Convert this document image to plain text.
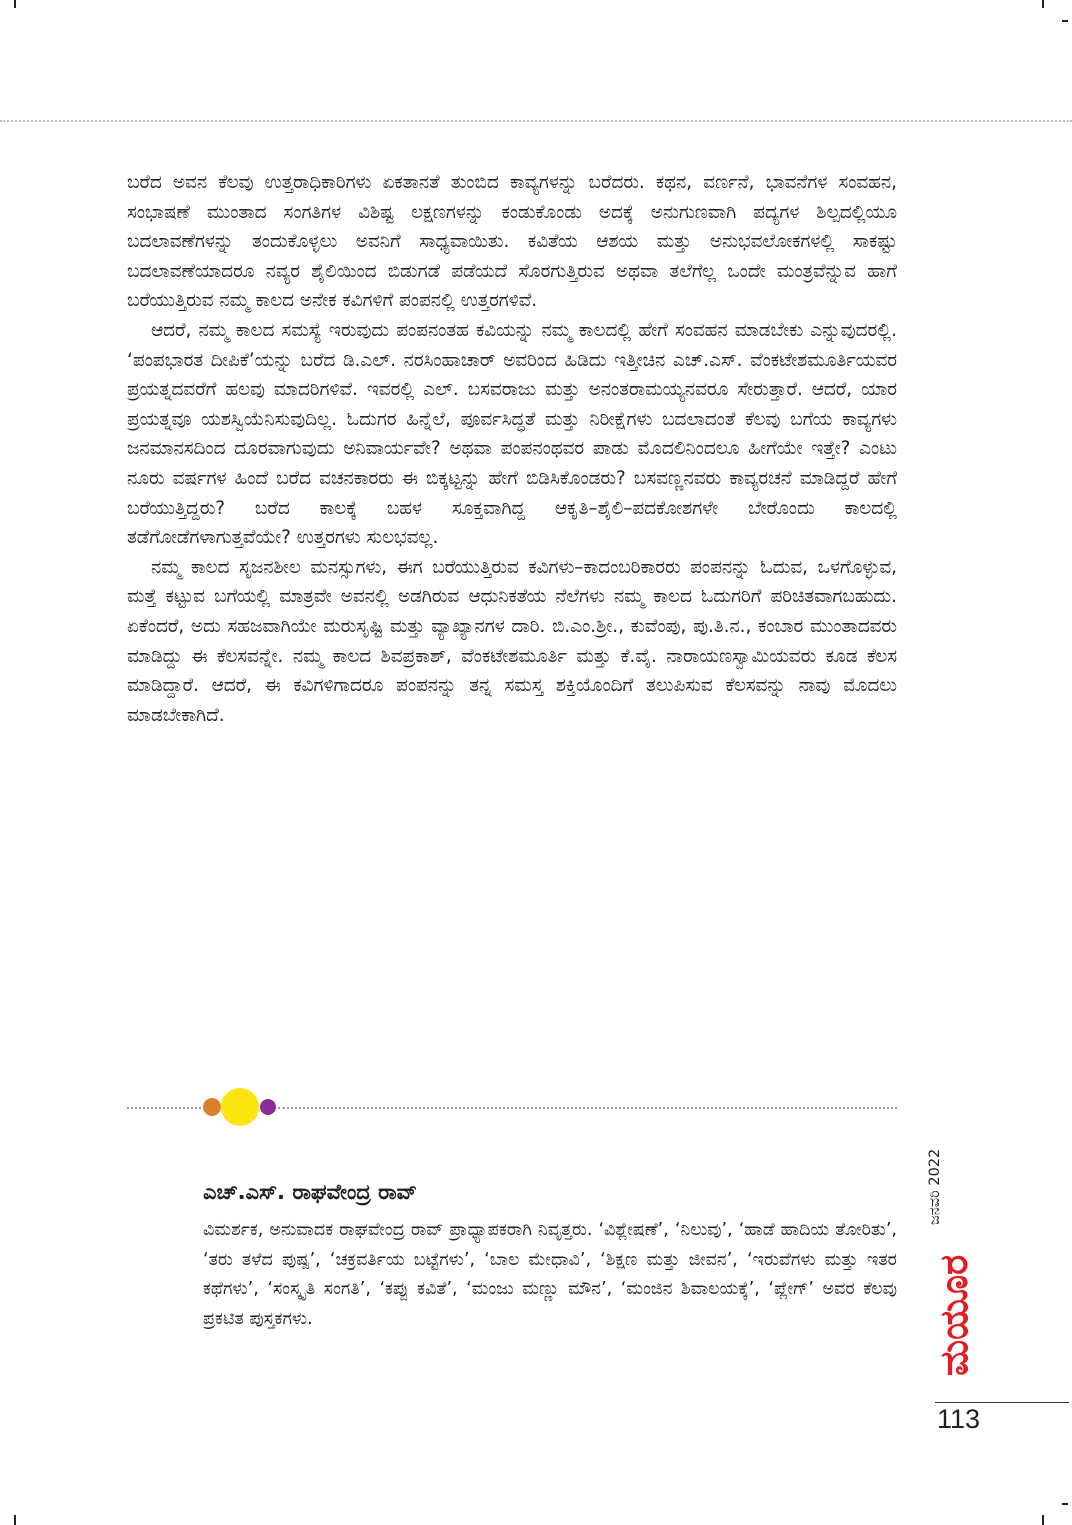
ಬರೆದ ಅವನ ಕೆಲವು ಉತ್ತರಾಧಿಕಾರಿಗಳು ಏಕತಾನತೆ ತುಂಬಿದ ಕಾವ್ಯಗಳನ್ನು ಬರೆದರು. ಕಥನ, ವರ್ಣನೆ, ಭಾವನೆಗಳ ಸಂವಹನ, ಸಂಭಾಷಣೆ ಮುಂತಾದ ಸಂಗತಿಗಳ ವಿಶಿಷ್ಟ ಲಕ್ಷಣಗಳನ್ನು ಕಂಡುಕೊಂಡು ಅದಕ್ಕೆ ಅನುಗುಣವಾಗಿ ಪದ್ಯಗಳ ಶಿಲ್ಪದಲ್ಲಿಯೂ ಬದಲಾವಣೆಗಳನ್ನು ತಂದುಕೊಳ್ಳಲು ಅವನಿಗೆ ಸಾಧ್ಯವಾಯಿತು. ಕವಿತೆಯ ಆಶಯ ಮತ್ತು ಅನುಭವಲೋಕಗಳಲ್ಲಿ ಸಾಕಷ್ಟು ಬದಲಾವಣೆಯಾದರೂ ನವ್ಯರ ಶೈಲಿಯಿಂದ ಬಿಡುಗಡೆ ಪಡೆಯದೆ ಸೊರಗುತ್ತಿರುವ ಅಥವಾ ತಲೆಗೆಲ್ಲ ಒಂದೇ ಮಂತ್ರವೆನ್ನುವ ಹಾಗೆ ಬರೆಯುತ್ತಿರುವ ನಮ್ಮ ಕಾಲದ ಅನೇಕ ಕವಿಗಳಿಗೆ ಪಂಪನಲ್ಲಿ ಉತ್ತರಗಳಿವೆ.

ಆದರೆ, ನಮ್ಮ ಕಾಲದ ಸಮಸ್ಯೆ ಇರುವುದು ಪಂಪನಂತಹ ಕವಿಯನ್ನು ನಮ್ಮ ಕಾಲದಲ್ಲಿ ಹೇಗೆ ಸಂವಹನ ಮಾಡಬೇಕು ಎನ್ನುವುದರಲ್ಲಿ. ‘ಪಂಪಭಾರತ ದೀಪಿಕೆ’ಯನ್ನು ಬರೆದ ಡಿ.ಎಲ್. ನರಸಿಂಹಾಚಾರ್ ಅವರಿಂದ ಹಿಡಿದು ಇತ್ತೀಚಿನ ಎಚ್.ಎಸ್. ವೆಂಕಟೇಶಮೂರ್ತಿಯವರ ಪ್ರಯತ್ನದವರೆಗೆ ಹಲವು ಮಾದರಿಗಳಿವೆ. ಇವರಲ್ಲಿ ಎಲ್. ಬಸವರಾಜು ಮತ್ತು ಅನಂತರಾಮಯ್ಯನವರೂ ಸೇರುತ್ತಾರೆ. ಆದರೆ, ಯಾರ ಪ್ರಯತ್ನವೂ ಯಶಸ್ವಿಯೆನಿಸುವುದಿಲ್ಲ. ಓದುಗರ ಹಿನ್ನೆಲೆ, ಪೂರ್ವಸಿದ್ಧತೆ ಮತ್ತು ನಿರೀಕ್ಷೆಗಳು ಬದಲಾದಂತೆ ಕೆಲವು ಬಗೆಯ ಕಾವ್ಯಗಳು ಜನಮಾನಸದಿಂದ ದೂರವಾಗುವುದು ಅನಿವಾರ್ಯವೇ? ಅಥವಾ ಪಂಪನಂಥವರ ಪಾಡು ಮೊದಲಿನಿಂದಲೂ ಹೀಗೆಯೇ ಇತ್ತೇ? ಎಂಟು ನೂರು ವರ್ಷಗಳ ಹಿಂದೆ ಬರೆದ ವಚನಕಾರರು ಈ ಬಿಕ್ಕಟ್ಟನ್ನು ಹೇಗೆ ಬಿಡಿಸಿಕೊಂಡರು? ಬಸವಣ್ಣನವರು ಕಾವ್ಯರಚನೆ ಮಾಡಿದ್ದರೆ ಹೇಗೆ ಬರೆಯುತ್ತಿದ್ದರು? ಬರೆದ ಕಾಲಕ್ಕೆ ಬಹಳ ಸೂಕ್ತವಾಗಿದ್ದ ಆಕೃತಿ–ಶೈಲಿ–ಪದಕೋಶಗಳೇ ಬೇರೊಂದು ಕಾಲದಲ್ಲಿ ತಡೆಗೋಡೆಗಳಾಗುತ್ತವೆಯೇ? ಉತ್ತರಗಳು ಸುಲಭವಲ್ಲ.

ನಮ್ಮ ಕಾಲದ ಸೃಜನಶೀಲ ಮನಸ್ಸುಗಳು, ಈಗ ಬರೆಯುತ್ತಿರುವ ಕವಿಗಳು–ಕಾದಂಬರಿಕಾರರು ಪಂಪನನ್ನು ಓದುವ, ಒಳಗೊಳ್ಳುವ, ಮತ್ತೆ ಕಟ್ಟುವ ಬಗೆಯಲ್ಲಿ ಮಾತ್ರವೇ ಅವನಲ್ಲಿ ಅಡಗಿರುವ ಆಧುನಿಕತೆಯ ನೆಲೆಗಳು ನಮ್ಮ ಕಾಲದ ಓದುಗರಿಗೆ ಪರಿಚಿತವಾಗಬಹುದು. ಏಕೆಂದರೆ, ಅದು ಸಹಜವಾಗಿಯೇ ಮರುಸೃಷ್ಟಿ ಮತ್ತು ವ್ಯಾಖ್ಯಾನಗಳ ದಾರಿ. ಬಿ.ಎಂ.ಶ್ರೀ., ಕುವೆಂಪು, ಪು.ತಿ.ನ., ಕಂಬಾರ ಮುಂತಾದವರು ಮಾಡಿದ್ದು ಈ ಕೆಲಸವನ್ನೇ. ನಮ್ಮ ಕಾಲದ ಶಿವಪ್ರಕಾಶ್, ವೆಂಕಟೇಶಮೂರ್ತಿ ಮತ್ತು ಕೆ.ವೈ. ನಾರಾಯಣಸ್ವಾಮಿಯವರು ಕೂಡ ಕೆಲಸ ಮಾಡಿದ್ದಾರೆ. ಆದರೆ, ಈ ಕವಿಗಳಿಗಾದರೂ ಪಂಪನನ್ನು ತನ್ನ ಸಮಸ್ತ ಶಕ್ತಿಯೊಂದಿಗೆ ತಲುಪಿಸುವ ಕೆಲಸವನ್ನು ನಾವು ಮೊದಲು ಮಾಡಬೇಕಾಗಿದೆ.

ಎಚ್‌.ಎಸ್‌. ರಾಘವೇಂದ್ರ ರಾವ್
ವಿಮರ್ಶಕ, ಅನುವಾದಕ ರಾಘವೇಂದ್ರ ರಾವ್ ಪ್ರಾಧ್ಯಾಪಕರಾಗಿ ನಿವೃತ್ತರು. ‘ವಿಶ್ಲೇಷಣೆ’, ‘ನಿಲುವು’, ‘ಹಾಡೆ ಹಾದಿಯ ತೋರಿತು’, ‘ತರು ತಳೆದ ಪುಷ್ಪ’, ‘ಚಕ್ರವರ್ತಿಯ ಬಟ್ಟೆಗಳು’, ‘ಬಾಲ ಮೇಧಾವಿ’, ‘ಶಿಕ್ಷಣ ಮತ್ತು ಜೀವನ’, ‘ಇರುವೆಗಳು ಮತ್ತು ಇತರ ಕಥೆಗಳು’, ‘ಸಂಸ್ಕೃತಿ ಸಂಗತಿ’, ‘ಕಪ್ಪು ಕವಿತೆ’, ‘ಮಂಜು ಮಣ್ಣು ಮೌನ’, ‘ಮಂಜಿನ ಶಿವಾಲಯಕ್ಕೆ’, ‘ಪ್ಲೇಗ್’ ಅವರ ಕೆಲವು ಪ್ರಕಟಿತ ಪುಸ್ತಕಗಳು.
ಜನವರಿ 2022
ಮಯೂರ
113
